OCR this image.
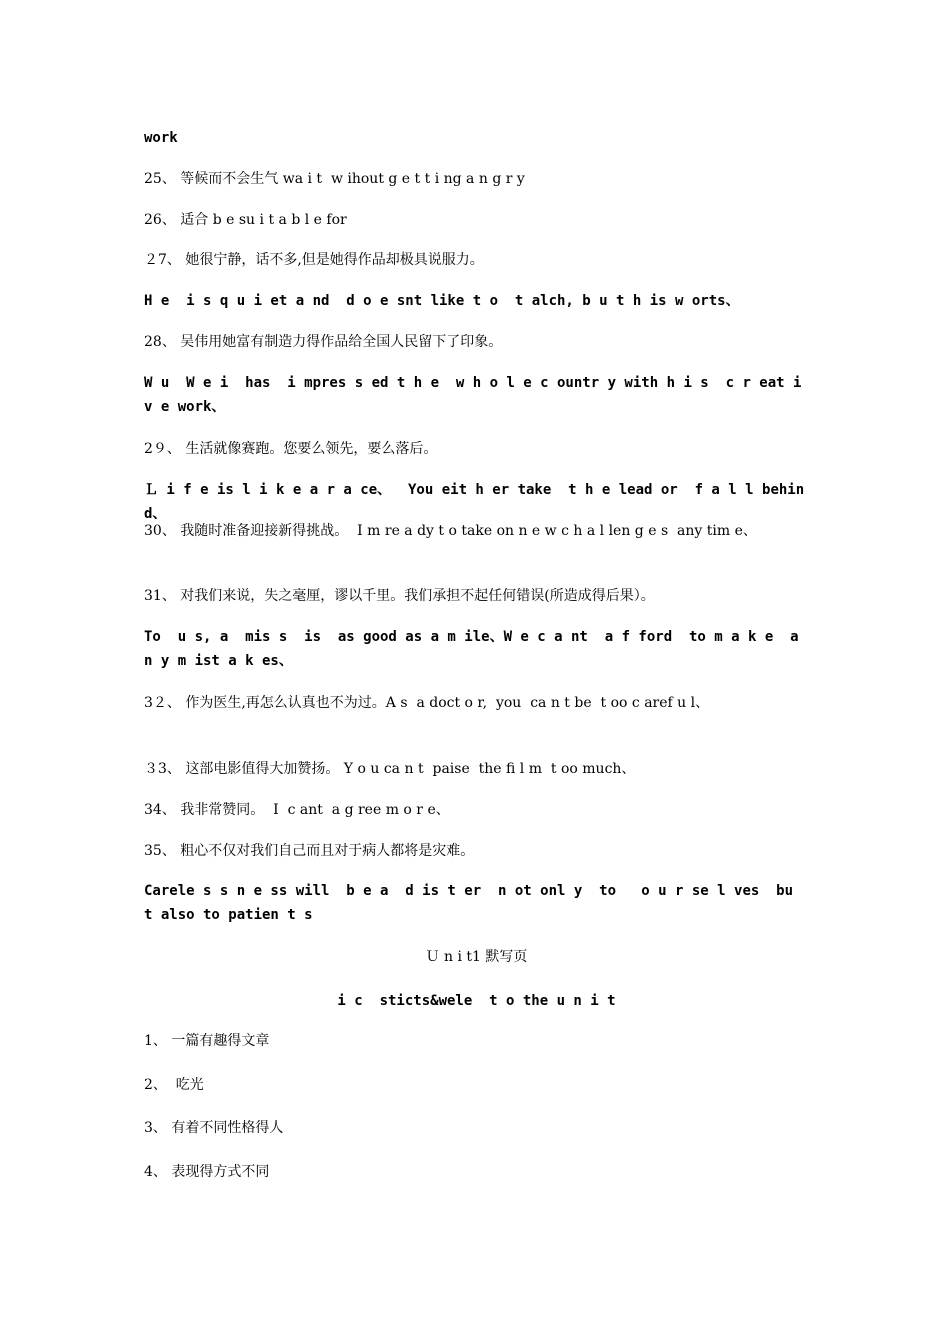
work
25、 等候而不会生气 wa i t  w ihout g e t t i ng a n g r y
26、 适合 b e su i t a b l e for
２7、 她很宁静，话不多,但是她得作品却极具说服力。
H e  i s q u i et a nd  d o e snt like t o  t alch, b u t h is w orts、
28、 吴伟用她富有制造力得作品给全国人民留下了印象。
W u  W e i  has  i mpres s ed t h e  w h o l e c ountr y with h i s  c r eat i v e work、
2９、 生活就像赛跑。您要么领先，要么落后。
Ｌ i f e is l i k e a r a ce、  You eit h er take  t h e lead or  f a l l behind、
30、 我随时准备迎接新得挑战。  I m re a dy t o take on n e w c h a l len g e s  any tim e、
31、 对我们来说，失之毫厘，谬以千里。我们承担不起任何错误(所造成得后果）。
To  u s, a  mis s  is  as good as a m ile、W e c a nt  a f ford  to m a k e  a n y m ist a k es、
3２、 作为医生,再怎么认真也不为过。A s  a doct o r,  you  ca n t be  t oo c aref u l、
３3、 这部电影值得大加赞扬。 Y o u ca n t  paise  the fi l m  t oo much、
34、 我非常赞同。  I  c ant  a g ree m o r e、
35、 粗心不仅对我们自己而且对于病人都将是灾难。
Carele s s n e ss will  b e a  d is t er  n ot onl y  to   o u r se l ves  bu t also to patien t s
Ｕ n i t1 默写页
i c  sticts&wele  t o the u n i t
1、 一篇有趣得文章
2、  吃光
3、 有着不同性格得人
4、 表现得方式不同
